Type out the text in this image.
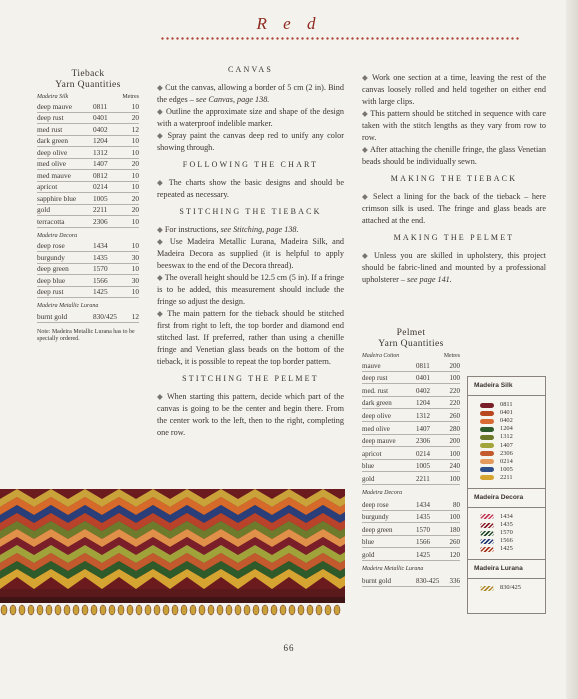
R e d
Tieback
Yarn Quantities
Madeira Silk	Metres
deep mauve	0811	10
deep rust	0401	20
med rust	0402	12
dark green	1204	10
deep olive	1312	10
med olive	1407	20
med mauve	0812	10
apricot	0214	10
sapphire blue	1005	20
gold	2211	20
terracotta	2306	10
Madeira Decora
deep rose	1434	10
burgundy	1435	30
deep green	1570	10
deep blue	1566	30
deep rust	1425	10
Madeira Metallic Lurana
burnt gold	830/425	12
Note: Madeira Metallic Lurana has to be specially ordered.
CANVAS

◆ Cut the canvas, allowing a border of 5 cm (2 in). Bind the edges – see Canvas, page 138.

◆ Outline the approximate size and shape of the design with a waterproof indelible marker.

◆ Spray paint the canvas deep red to unify any color showing through.

FOLLOWING THE CHART

◆ The charts show the basic designs and should be repeated as necessary.

STITCHING THE TIEBACK

◆ For instructions, see Stitching, page 138.

◆ Use Madeira Metallic Lurana, Madeira Silk, and Madeira Decora as supplied (it is helpful to apply beeswax to the end of the Decora thread).

◆ The overall height should be 12.5 cm (5 in). If a fringe is to be added, this measurement should include the fringe so adjust the design.

◆ The main pattern for the tieback should be stitched first from right to left, the top border and diamond end stitched last. If preferred, rather than using a chenille fringe and Venetian glass beads on the bottom of the tieback, it is possible to repeat the top border pattern.

STITCHING THE PELMET

◆ When starting this pattern, decide which part of the canvas is going to be the center and begin there. From the center work to the left, then to the right, completing one row.

◆ Work one section at a time, leaving the rest of the canvas loosely rolled and held together on either end with large clips.

◆ This pattern should be stitched in sequence with care taken with the stitch lengths as they vary from row to row.

◆ After attaching the chenille fringe, the glass Venetian beads should be individually sewn.

MAKING THE TIEBACK

◆ Select a lining for the back of the tieback – here crimson silk is used. The fringe and glass beads are attached at the end.

MAKING THE PELMET

◆ Unless you are skilled in upholstery, this project should be fabric-lined and mounted by a professional upholsterer – see page 141.

Pelmet
Yarn Quantities
Madeira Cotton	Metres
mauve	0811	200
deep rust	0401	100
med. rust	0402	220
dark green	1204	220
deep olive	1312	260
med olive	1407	280
deep mauve	2306	200
apricot	0214	100
blue	1005	240
gold	2211	100
Madeira Decora
deep rose	1434	80
burgundy	1435	100
deep green	1570	180
blue	1566	260
gold	1425	120
Madeira Metallic Lurana
burnt gold	830-425	336
Madeira Silk
0811
0401
0402
1204
1312
1407
2306
0214
1005
2211
Madeira Decora
1434
1435
1570
1566
1425
Madeira Lurana
830/425
66
